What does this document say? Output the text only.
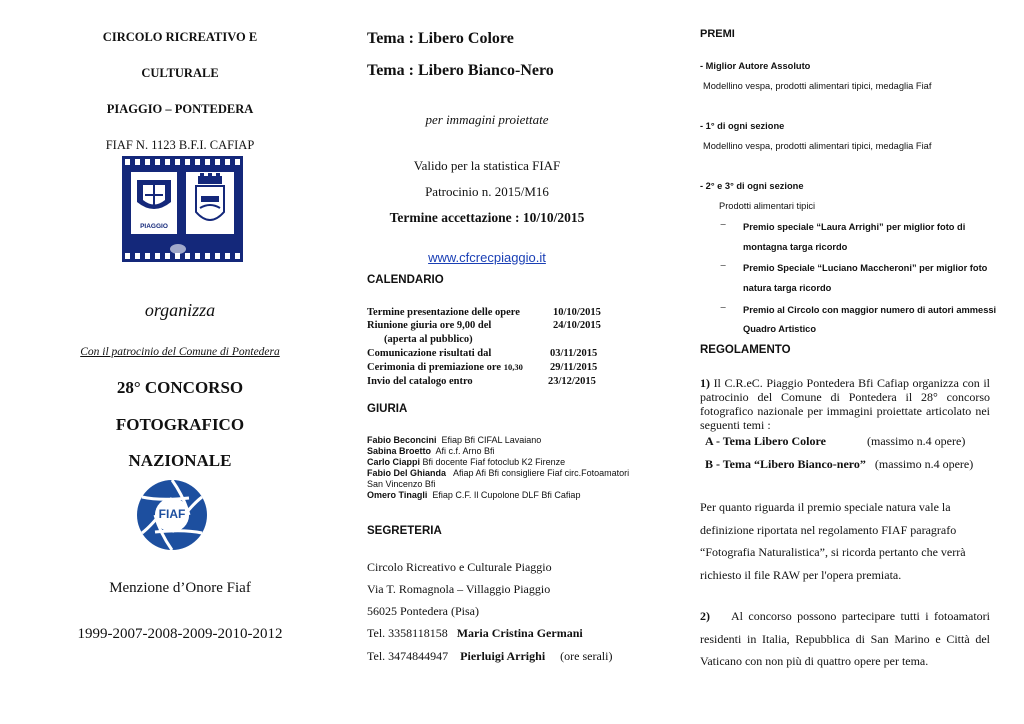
CIRCOLO RICREATIVO E
CULTURALE
PIAGGIO – PONTEDERA
FIAF N. 1123 B.F.I. CAFIAP
PIAGGIO
organizza
Con il patrocinio del Comune di Pontedera
28° CONCORSO
FOTOGRAFICO
NAZIONALE
FIAF
Menzione d’Onore Fiaf
1999-2007-2008-2009-2010-2012
Tema : Libero Colore
Tema : Libero Bianco-Nero
per immagini proiettate
Valido per la statistica FIAF
Patrocinio n. 2015/M16
Termine accettazione : 10/10/2015
www.cfcrecpiaggio.it
CALENDARIO
Termine presentazione delle opere	10/10/2015
Riunione giuria ore 9,00 del	24/10/2015
(aperta al pubblico)
Comunicazione risultati dal	03/11/2015
Cerimonia di premiazione ore 10,30	29/11/2015
Invio del catalogo entro	23/12/2015
GIURIA
Fabio Beconcini Efiap Bfi CIFAL Lavaiano
Sabina Broetto Afi c.f. Arno Bfi
Carlo Ciappi Bfi docente Fiaf fotoclub K2 Firenze
Fabio Del Ghianda Afiap Afi Bfi consigliere Fiaf circ.Fotoamatori
San Vincenzo Bfi
Omero Tinagli Efiap C.F. Il Cupolone DLF Bfi Cafiap
SEGRETERIA
Circolo Ricreativo e Culturale Piaggio
Via T. Romagnola – Villaggio Piaggio
56025 Pontedera (Pisa)
Tel. 3358118158 Maria Cristina Germani
Tel. 3474844947 Pierluigi Arrighi (ore serali)
PREMI
- Miglior Autore Assoluto
Modellino vespa, prodotti alimentari tipici, medaglia Fiaf
- 1° di ogni sezione
Modellino vespa, prodotti alimentari tipici, medaglia Fiaf
- 2° e 3° di ogni sezione
Prodotti alimentari tipici
− Premio speciale “Laura Arrighi” per miglior foto di
montagna targa ricordo
− Premio Speciale “Luciano Maccheroni” per miglior foto
natura targa ricordo
− Premio al Circolo con maggior numero di autori ammessi
Quadro Artistico
REGOLAMENTO
1) Il C.R.eC. Piaggio Pontedera Bfi Cafiap organizza con il patrocinio del Comune di Pontedera il 28° concorso fotografico nazionale per immagini proiettate articolato nei seguenti temi :
A - Tema Libero Colore	(massimo n.4 opere)
B - Tema “Libero Bianco-nero” (massimo n.4 opere)
Per quanto riguarda il premio speciale natura vale la
definizione riportata nel regolamento FIAF paragrafo
“Fotografia Naturalistica”, si ricorda pertanto che verrà
richiesto il file RAW per l'opera premiata.
2) Al concorso possono partecipare tutti i fotoamatori residenti in Italia, Repubblica di San Marino e Città del Vaticano con non più di quattro opere per tema.
